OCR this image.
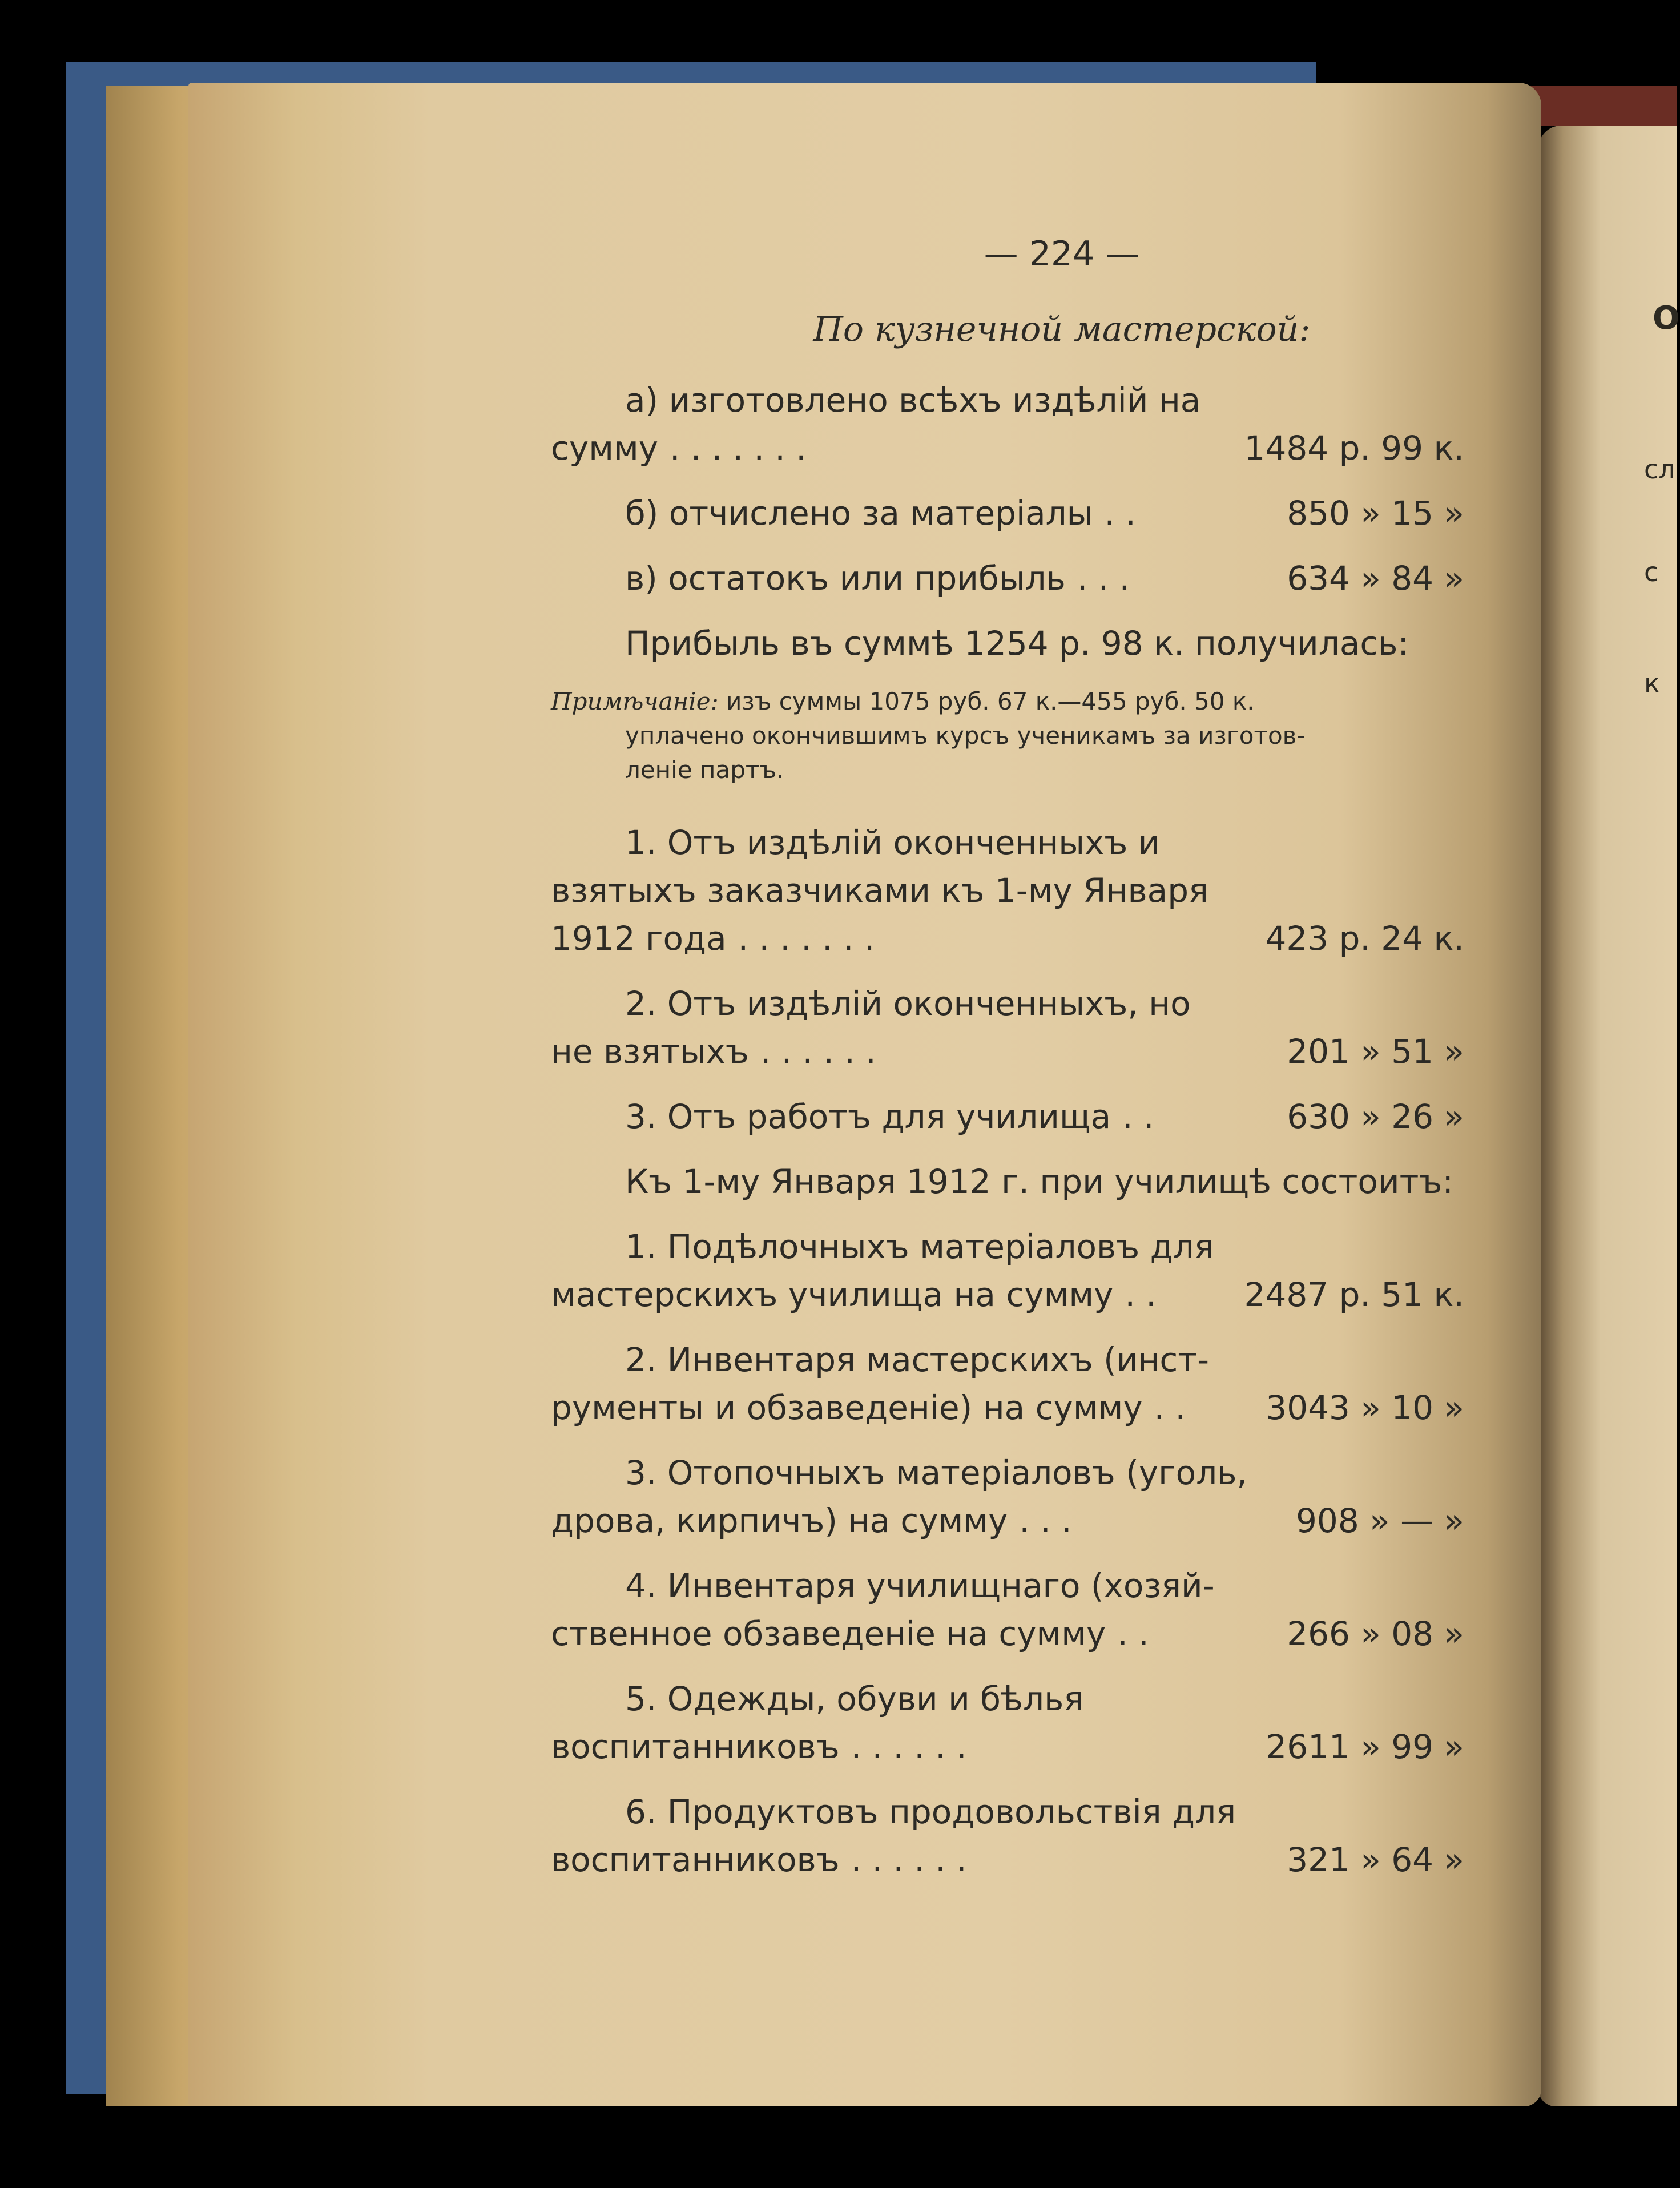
О
сл
с
к
— 224 —
По кузнечной мастерской:
а) изготовлено всѣхъ издѣлій на
сумму . . . . . . .	1484 р. 99 к.
б) отчислено за матеріалы . .	850 » 15 »
в) остатокъ или прибыль . . .	634 » 84 »
Прибыль въ суммѣ 1254 р. 98 к. получилась:
Примѣчаніе: изъ суммы 1075 руб. 67 к.—455 руб. 50 к.
уплачено окончившимъ курсъ ученикамъ за изготов-
леніе партъ.
1. Отъ издѣлій оконченныхъ и
взятыхъ заказчиками къ 1-му Января
1912 года . . . . . . .	423 р. 24 к.
2. Отъ издѣлій оконченныхъ, но
не взятыхъ . . . . . .	201 » 51 »
3. Отъ работъ для училища . .	630 » 26 »
Къ 1-му Января 1912 г. при училищѣ состоитъ:
1. Подѣлочныхъ матеріаловъ для
мастерскихъ училища на сумму . .	2487 р. 51 к.
2. Инвентаря мастерскихъ (инст-
рументы и обзаведеніе) на сумму . .	3043 » 10 »
3. Отопочныхъ матеріаловъ (уголь,
дрова, кирпичъ) на сумму . . .	908 » — »
4. Инвентаря училищнаго (хозяй-
ственное обзаведеніе на сумму . .	266 » 08 »
5. Одежды, обуви и бѣлья
воспитанниковъ . . . . . .	2611 » 99 »
6. Продуктовъ продовольствія для
воспитанниковъ . . . . . .	321 » 64 »
